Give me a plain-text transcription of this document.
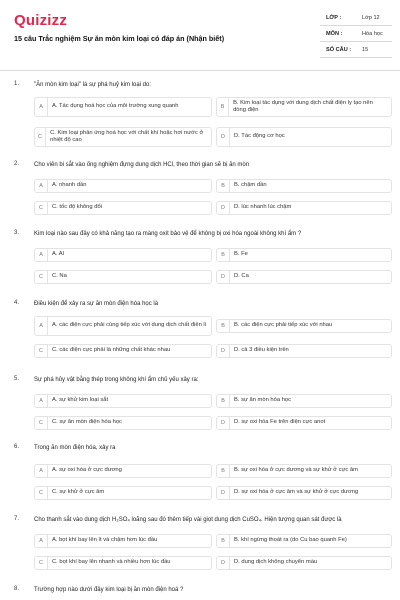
Quizizz
15 câu Trắc nghiệm Sự ăn mòn kim loại có đáp án (Nhận biết)
LỚP :	Lớp 12
MÔN :	Hóa học
SỐ CÂU :	15
1. "Ăn mòn kim loại" là sự phá huỷ kim loại do:
A	A. Tác dụng hoá học của môi trường xung quanh	B
B. Kim loại tác dụng với dung dịch chất điện ly tạo nên dòng điện
C
C. Kim loại phản ứng hoá học với chất khí hoặc hơi nước ở nhiệt độ cao	D	D. Tác động cơ học
2. Cho viên bi sắt vào ống nghiệm đựng dung dịch HCl, theo thời gian sẽ bị ăn mòn
A	A. nhanh dần	B	B. chậm dần
C	C. tốc độ không đổi	D	D. lúc nhanh lúc chậm
3. Kim loại nào sau đây có khả năng tạo ra màng oxit bảo vệ để không bị oxi hóa ngoài không khí ẩm ?
A	A. Al	B	B. Fe
C	C. Na	D	D. Ca
4. Điều kiện để xảy ra sự ăn mòn điện hóa học là
A	A. các điện cực phải cùng tiếp xúc với dung dịch chất điện li	B	B. các điện cực phải tiếp xúc với nhau
C	C. các điện cực phải là những chất khác nhau	D	D. cả 3 điều kiện trên
5. Sự phá hủy vật bằng thép trong không khí ẩm chủ yếu xảy ra:
A	A. sự khử kim loại sắt	B	B. sự ăn mòn hóa học
C	C. sự ăn mòn điện hóa học	D	D. sự oxi hóa Fe trên điện cực anot
6. Trong ăn mòn điện hóa, xảy ra
A	A. sự oxi hóa ở cực dương	B	B. sự oxi hóa ở cực dương và sự khử ở cực âm
C	C. sự khử ở cực âm	D	D. sự oxi hóa ở cực âm và sự khử ở cực dương
7. Cho thanh sắt vào dung dịch H₂SO₄ loãng sau đó thêm tiếp vài giọt dung dịch CuSO₄. Hiện tượng quan sát được là
A	A. bọt khí bay lên ít và chậm hơn lúc đầu	B	B. khí ngừng thoát ra (do Cu bao quanh Fe)
C	C. bọt khí bay lên nhanh và nhiều hơn lúc đầu	D	D. dung dịch không chuyển màu
8. Trường hợp nào dưới đây kim loại bị ăn mòn điện hoá ?
